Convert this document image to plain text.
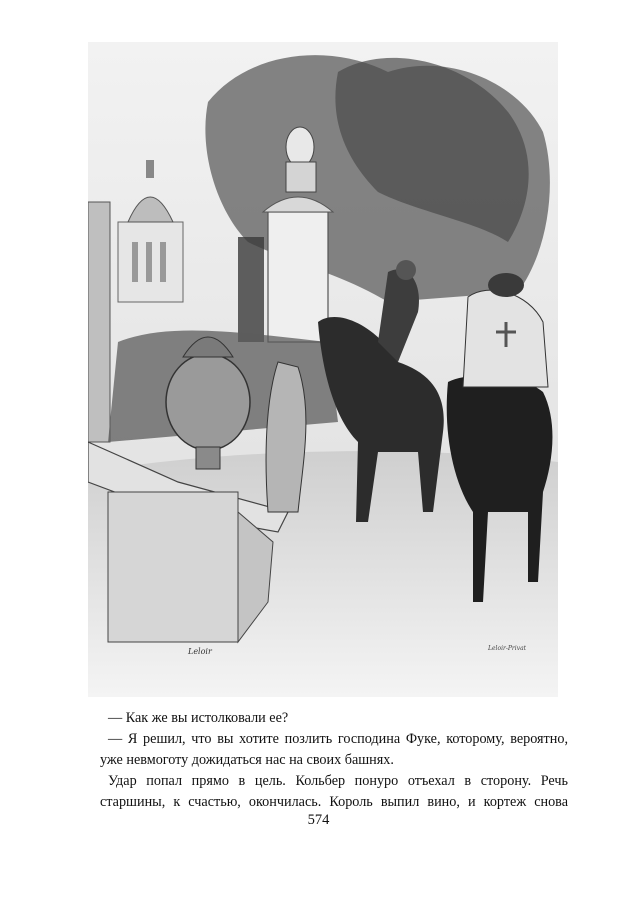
Leloir	Leloir-Privat

— Как же вы истолковали ее?

— Я решил, что вы хотите позлить господина Фуке, которому, вероятно, уже невмоготу дожидаться нас на своих башнях.

Удар попал прямо в цель. Кольбер понуро отъехал в сторону. Речь старшины, к счастью, окончилась. Король выпил вино, и кортеж снова

574
